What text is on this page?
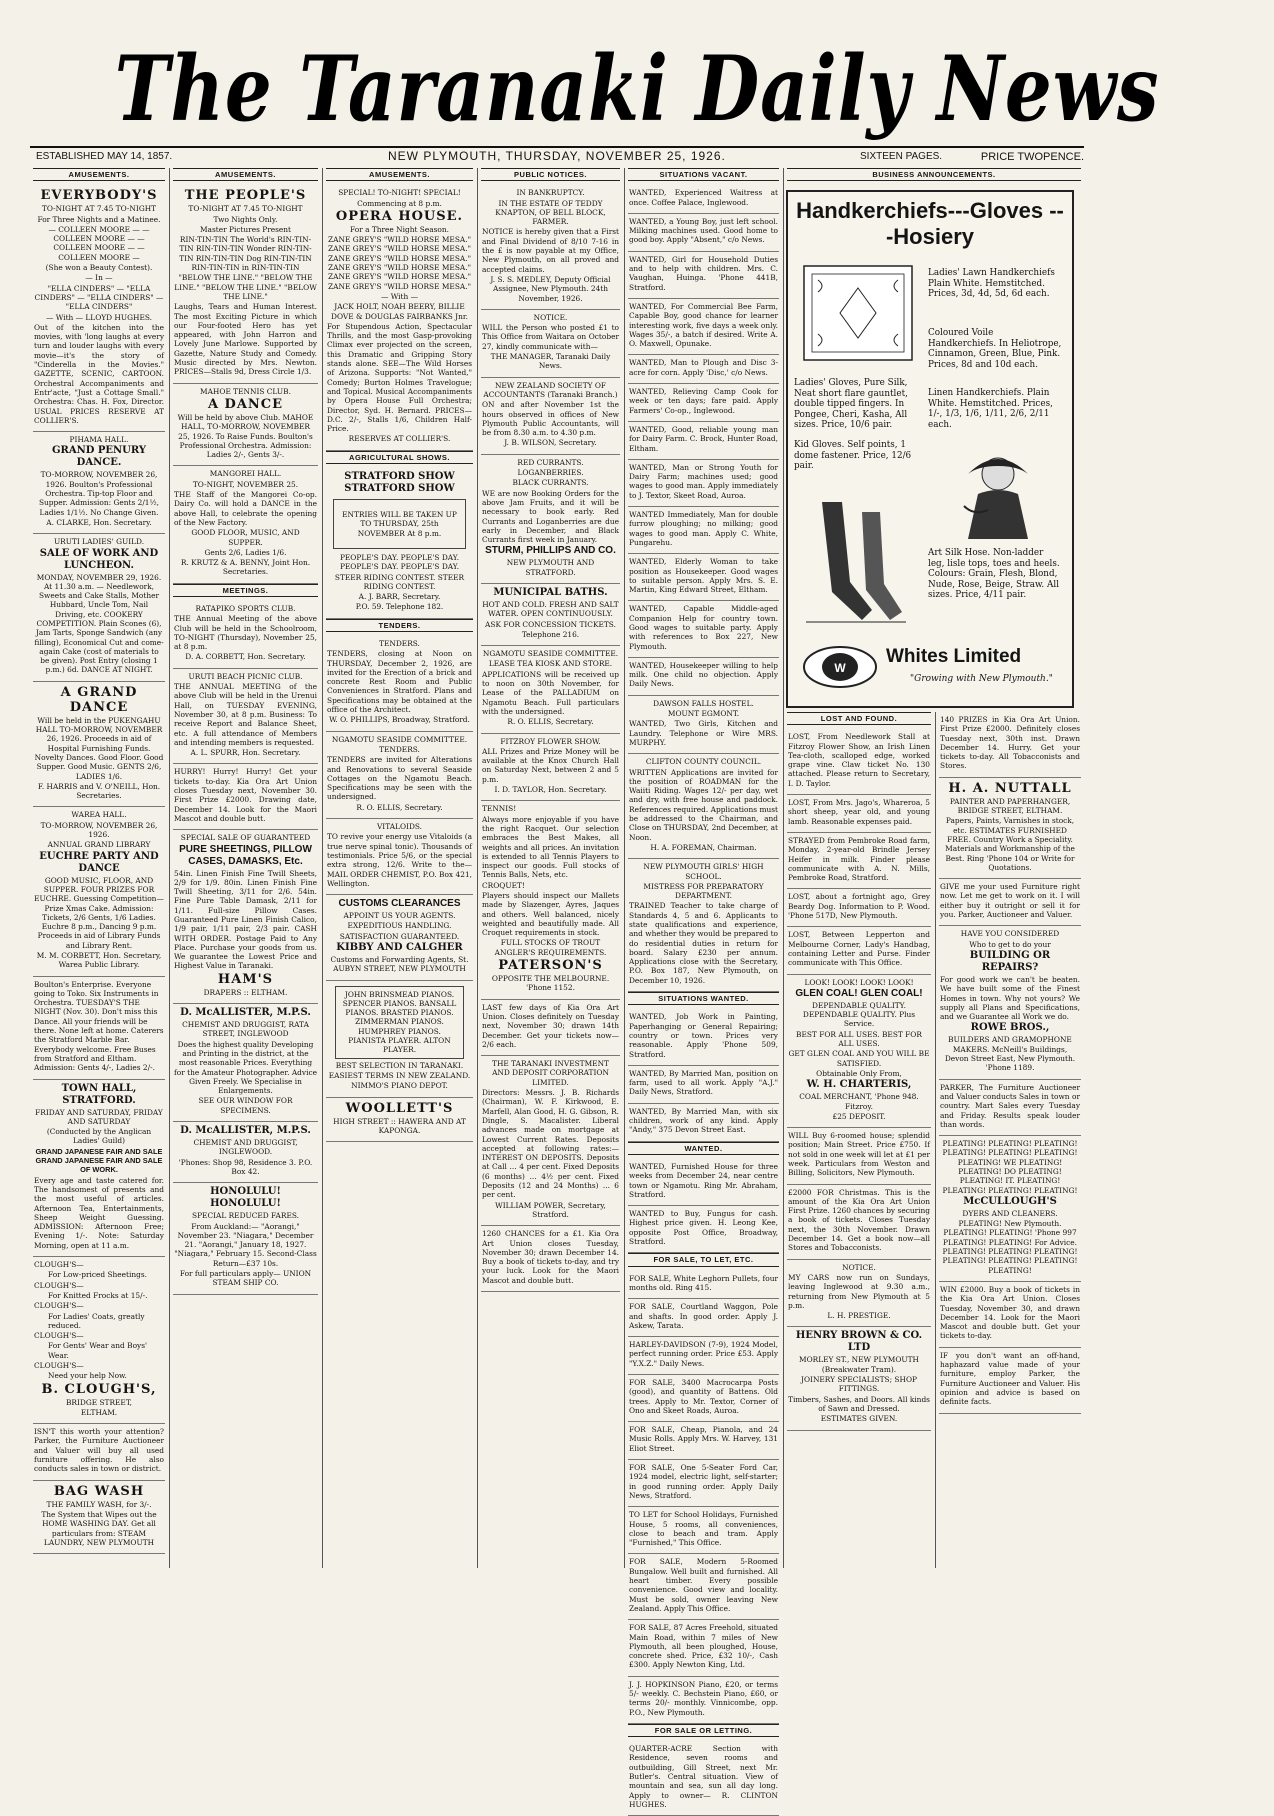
The Taranaki Daily News
ESTABLISHED MAY 14, 1857.	NEW PLYMOUTH, THURSDAY, NOVEMBER 25, 1926.	SIXTEEN PAGES.	PRICE TWOPENCE.
AMUSEMENTS.

EVERYBODY'S

TO-NIGHT AT 7.45 TO-NIGHT

For Three Nights and a Matinee.

— COLLEEN MOORE — — COLLEEN MOORE — — COLLEEN MOORE — — COLLEEN MOORE —

(She won a Beauty Contest).

— In —

"ELLA CINDERS" — "ELLA CINDERS" — "ELLA CINDERS" — "ELLA CINDERS"

— With — LLOYD HUGHES.

Out of the kitchen into the movies, with 'long laughs at every turn and louder laughs with every movie—it's the story of "Cinderella in the Movies." GAZETTE, SCENIC, CARTOON. Orchestral Accompaniments and Entr'acte, "Just a Cottage Small." Orchestra: Chas. H. Fox, Director. USUAL PRICES RESERVE AT COLLIER'S.

PIHAMA HALL.

GRAND PENURY DANCE.

TO-MORROW, NOVEMBER 26, 1926. Boulton's Professional Orchestra. Tip-top Floor and Supper. Admission: Gents 2/1½, Ladies 1/1½. No Change Given.

A. CLARKE, Hon. Secretary.

URUTI LADIES' GUILD.

SALE OF WORK AND LUNCHEON.

MONDAY, NOVEMBER 29, 1926. At 11.30 a.m. — Needlework, Sweets and Cake Stalls, Mother Hubbard, Uncle Tom, Nail Driving, etc. COOKERY COMPETITION. Plain Scones (6), Jam Tarts, Sponge Sandwich (any filling), Economical Cut and come-again Cake (cost of materials to be given). Post Entry (closing 1 p.m.) 6d. DANCE AT NIGHT.

A GRAND DANCE

Will be held in the PUKENGAHU HALL TO-MORROW, NOVEMBER 26, 1926. Proceeds in aid of Hospital Furnishing Funds. Novelty Dances. Good Floor. Good Supper. Good Music. GENTS 2/6, LADIES 1/6.

F. HARRIS and V. O'NEILL, Hon. Secretaries.

WAREA HALL.

TO-MORROW, NOVEMBER 26, 1926.

ANNUAL GRAND LIBRARY

EUCHRE PARTY AND DANCE

GOOD MUSIC, FLOOR, AND SUPPER. FOUR PRIZES FOR EUCHRE. Guessing Competition—Prize Xmas Cake. Admission: Tickets, 2/6 Gents, 1/6 Ladies. Euchre 8 p.m., Dancing 9 p.m. Proceeds in aid of Library Funds and Library Rent.

M. M. CORBETT, Hon. Secretary, Warea Public Library.

Boulton's Enterprise. Everyone going to Toko. Six Instruments in Orchestra. TUESDAY'S THE NIGHT (Nov. 30). Don't miss this Dance. All your friends will be there. None left at home. Caterers the Stratford Marble Bar. Everybody welcome. Free Buses from Stratford and Eltham. Admission: Gents 4/-, Ladies 2/-.

TOWN HALL, STRATFORD.

FRIDAY AND SATURDAY, FRIDAY AND SATURDAY

(Conducted by the Anglican Ladies' Guild)

GRAND JAPANESE FAIR AND SALE GRAND JAPANESE FAIR AND SALE OF WORK.

Every age and taste catered for. The handsomest of presents and the most useful of articles. Afternoon Tea, Entertainments, Sheep Weight Guessing. ADMISSION: Afternoon Free; Evening 1/-. Note: Saturday Morning, open at 11 a.m.

CLOUGH'S—

For Low-priced Sheetings.

CLOUGH'S—

For Knitted Frocks at 15/-.

CLOUGH'S—

For Ladies' Coats, greatly reduced.

CLOUGH'S—

For Gents' Wear and Boys' Wear.

CLOUGH'S—

Need your help Now.

B. CLOUGH'S,

BRIDGE STREET,

ELTHAM.

ISN'T this worth your attention? Parker, the Furniture Auctioneer and Valuer will buy all used furniture offering. He also conducts sales in town or district.

BAG WASH

THE FAMILY WASH, for 3/-.

The System that Wipes out the HOME WASHING DAY. Get all particulars from: STEAM LAUNDRY, NEW PLYMOUTH

AMUSEMENTS.

THE PEOPLE'S

TO-NIGHT AT 7.45 TO-NIGHT

Two Nights Only.

Master Pictures Present

RIN-TIN-TIN The World's RIN-TIN-TIN RIN-TIN-TIN Wonder RIN-TIN-TIN RIN-TIN-TIN Dog RIN-TIN-TIN RIN-TIN-TIN in RIN-TIN-TIN

"BELOW THE LINE." "BELOW THE LINE." "BELOW THE LINE." "BELOW THE LINE."

Laughs, Tears and Human Interest. The most Exciting Picture in which our Four-footed Hero has yet appeared, with John Harron and Lovely June Marlowe. Supported by Gazette, Nature Study and Comedy. Music directed by Mrs. Newton. PRICES—Stalls 9d, Dress Circle 1/3.

MAHOE TENNIS CLUB.

A DANCE

Will be held by above Club. MAHOE HALL, TO-MORROW, NOVEMBER 25, 1926. To Raise Funds. Boulton's Professional Orchestra. Admission: Ladies 2/-, Gents 3/-.

MANGOREI HALL.

TO-NIGHT, NOVEMBER 25.

THE Staff of the Mangorei Co-op. Dairy Co. will hold a DANCE in the above Hall, to celebrate the opening of the New Factory.

GOOD FLOOR, MUSIC, AND SUPPER.

Gents 2/6, Ladies 1/6.

R. KRUTZ & A. BENNY, Joint Hon. Secretaries.

MEETINGS.

RATAPIKO SPORTS CLUB.

THE Annual Meeting of the above Club will be held in the Schoolroom, TO-NIGHT (Thursday), November 25, at 8 p.m.

D. A. CORBETT, Hon. Secretary.

URUTI BEACH PICNIC CLUB.

THE ANNUAL MEETING of the above Club will be held in the Urenui Hall, on TUESDAY EVENING, November 30, at 8 p.m. Business: To receive Report and Balance Sheet, etc. A full attendance of Members and intending members is requested.

A. L. SPURR, Hon. Secretary.

HURRY! Hurry! Hurry! Get your tickets to-day. Kia Ora Art Union closes Tuesday next, November 30. First Prize £2000. Drawing date, December 14. Look for the Maori Mascot and double butt.

SPECIAL SALE OF GUARANTEED

PURE SHEETINGS, PILLOW CASES, DAMASKS, Etc.

54in. Linen Finish Fine Twill Sheets, 2/9 for 1/9. 80in. Linen Finish Fine Twill Sheeting, 3/11 for 2/6. 54in. Fine Pure Table Damask, 2/11 for 1/11. Full-size Pillow Cases. Guaranteed Pure Linen Finish Calico, 1/9 pair, 1/11 pair, 2/3 pair. CASH WITH ORDER. Postage Paid to Any Place. Purchase your goods from us. We guarantee the Lowest Price and Highest Value in Taranaki.

HAM'S

DRAPERS :: ELTHAM.

D. McALLISTER, M.P.S.

CHEMIST AND DRUGGIST, RATA STREET, INGLEWOOD

Does the highest quality Developing and Printing in the district, at the most reasonable Prices. Everything for the Amateur Photographer. Advice Given Freely. We Specialise in Enlargements.

SEE OUR WINDOW FOR SPECIMENS.

D. McALLISTER, M.P.S.

CHEMIST AND DRUGGIST, INGLEWOOD.

'Phones: Shop 98, Residence 3. P.O. Box 42.

HONOLULU! HONOLULU!

SPECIAL REDUCED FARES.

From Auckland:— "Aorangi," November 23. "Niagara," December 21. "Aorangi," January 18, 1927. "Niagara," February 15. Second-Class Return—£37 10s.

For full particulars apply— UNION STEAM SHIP CO.

AMUSEMENTS.

SPECIAL! TO-NIGHT! SPECIAL!

Commencing at 8 p.m.

OPERA HOUSE.

For a Three Night Season.

ZANE GREY'S "WILD HORSE MESA." ZANE GREY'S "WILD HORSE MESA." ZANE GREY'S "WILD HORSE MESA." ZANE GREY'S "WILD HORSE MESA." ZANE GREY'S "WILD HORSE MESA." ZANE GREY'S "WILD HORSE MESA."

— With —

JACK HOLT, NOAH BEERY, BILLIE DOVE & DOUGLAS FAIRBANKS Jnr.

For Stupendous Action, Spectacular Thrills, and the most Gasp-provoking Climax ever projected on the screen, this Dramatic and Gripping Story stands alone. SEE—The Wild Horses of Arizona. Supports: "Not Wanted," Comedy; Burton Holmes Travelogue; and Topical. Musical Accompaniments by Opera House Full Orchestra; Director, Syd. H. Bernard. PRICES—D.C. 2/-, Stalls 1/6, Children Half-Price.

RESERVES AT COLLIER'S.

AGRICULTURAL SHOWS.

STRATFORD SHOW STRATFORD SHOW

ENTRIES WILL BE TAKEN UP TO THURSDAY, 25th NOVEMBER At 8 p.m.

PEOPLE'S DAY. PEOPLE'S DAY. PEOPLE'S DAY. PEOPLE'S DAY.

STEER RIDING CONTEST. STEER RIDING CONTEST.

A. J. BARR, Secretary.

P.O. 59. Telephone 182.

TENDERS.

TENDERS.

TENDERS, closing at Noon on THURSDAY, December 2, 1926, are invited for the Erection of a brick and concrete Rest Room and Public Conveniences in Stratford. Plans and Specifications may be obtained at the office of the Architect.

W. O. PHILLIPS, Broadway, Stratford.

NGAMOTU SEASIDE COMMITTEE.

TENDERS.

TENDERS are invited for Alterations and Renovations to several Seaside Cottages on the Ngamotu Beach. Specifications may be seen with the undersigned.

R. O. ELLIS, Secretary.

VITALOIDS.

TO revive your energy use Vitaloids (a true nerve spinal tonic). Thousands of testimonials. Price 5/6, or the special extra strong, 12/6. Write to the— MAIL ORDER CHEMIST, P.O. Box 421, Wellington.

CUSTOMS CLEARANCES

APPOINT US YOUR AGENTS.

EXPEDITIOUS HANDLING.

SATISFACTION GUARANTEED.

KIBBY AND CALGHER

Customs and Forwarding Agents, St. AUBYN STREET, NEW PLYMOUTH

JOHN BRINSMEAD PIANOS. SPENCER PIANOS. BANSALL PIANOS. BRASTED PIANOS. ZIMMERMAN PIANOS. HUMPHREY PIANOS. PIANISTA PLAYER. ALTON PLAYER.

BEST SELECTION IN TARANAKI.

EASIEST TERMS IN NEW ZEALAND.

NIMMO'S PIANO DEPOT.

WOOLLETT'S

HIGH STREET :: HAWERA AND AT KAPONGA.

PUBLIC NOTICES.

IN BANKRUPTCY.

IN THE ESTATE OF TEDDY KNAPTON, OF BELL BLOCK, FARMER.

NOTICE is hereby given that a First and Final Dividend of 8/10 7-16 in the £ is now payable at my Office, New Plymouth, on all proved and accepted claims.

J. S. S. MEDLEY, Deputy Official Assignee, New Plymouth. 24th November, 1926.

NOTICE.

WILL the Person who posted £1 to This Office from Waitara on October 27, kindly communicate with—

THE MANAGER, Taranaki Daily News.

NEW ZEALAND SOCIETY OF ACCOUNTANTS (Taranaki Branch.)

ON and after November 1st the hours observed in offices of New Plymouth Public Accountants, will be from 8.30 a.m. to 4.30 p.m.

J. B. WILSON, Secretary.

RED CURRANTS.

LOGANBERRIES.

BLACK CURRANTS.

WE are now Booking Orders for the above Jam Fruits, and it will be necessary to book early. Red Currants and Loganberries are due early in December, and Black Currants first week in January.

STURM, PHILLIPS AND CO.

NEW PLYMOUTH AND STRATFORD.

MUNICIPAL BATHS.

HOT AND COLD. FRESH AND SALT WATER. OPEN CONTINUOUSLY.

ASK FOR CONCESSION TICKETS.

Telephone 216.

NGAMOTU SEASIDE COMMITTEE.

LEASE TEA KIOSK AND STORE.

APPLICATIONS will be received up to noon on 30th November, for Lease of the PALLADIUM on Ngamotu Beach. Full particulars with the undersigned.

R. O. ELLIS, Secretary.

FITZROY FLOWER SHOW.

ALL Prizes and Prize Money will be available at the Knox Church Hall on Saturday Next, between 2 and 5 p.m.

I. D. TAYLOR, Hon. Secretary.

TENNIS!

Always more enjoyable if you have the right Racquet. Our selection embraces the Best Makes, all weights and all prices. An invitation is extended to all Tennis Players to inspect our goods. Full stocks of Tennis Balls, Nets, etc.

CROQUET!

Players should inspect our Mallets made by Slazenger, Ayres, Jaques and others. Well balanced, nicely weighted and beautifully made. All Croquet requirements in stock.

FULL STOCKS OF TROUT ANGLER'S REQUIREMENTS.

PATERSON'S

OPPOSITE THE MELBOURNE. 'Phone 1152.

LAST few days of Kia Ora Art Union. Closes definitely on Tuesday next, November 30; drawn 14th December. Get your tickets now—2/6 each.

THE TARANAKI INVESTMENT AND DEPOSIT CORPORATION LIMITED.

Directors: Messrs. J. B. Richards (Chairman), W. F. Kirkwood, E. Marfell, Alan Good, H. G. Gibson, R. Dingle, S. Macalister. Liberal advances made on mortgage at Lowest Current Rates. Deposits accepted at following rates:— INTEREST ON DEPOSITS. Deposits at Call ... 4 per cent. Fixed Deposits (6 months) ... 4½ per cent. Fixed Deposits (12 and 24 Months) ... 6 per cent.

WILLIAM POWER, Secretary, Stratford.

1260 CHANCES for a £1. Kia Ora Art Union closes Tuesday, November 30; drawn December 14. Buy a book of tickets to-day, and try your luck. Look for the Maori Mascot and double butt.

SITUATIONS VACANT.

WANTED, Experienced Waitress at once. Coffee Palace, Inglewood.

WANTED, a Young Boy, just left school. Milking machines used. Good home to good boy. Apply "Absent," c/o News.

WANTED, Girl for Household Duties and to help with children. Mrs. C. Vaughan, Huinga. 'Phone 441B, Stratford.

WANTED, For Commercial Bee Farm, Capable Boy, good chance for learner interesting work, five days a week only. Wages 35/-, a batch if desired. Write A. O. Maxwell, Opunake.

WANTED, Man to Plough and Disc 3-acre for corn. Apply 'Disc,' c/o News.

WANTED, Relieving Camp Cook for week or ten days; fare paid. Apply Farmers' Co-op., Inglewood.

WANTED, Good, reliable young man for Dairy Farm. C. Brock, Hunter Road, Eltham.

WANTED, Man or Strong Youth for Dairy Farm; machines used; good wages to good man. Apply immediately to J. Textor, Skeet Road, Auroa.

WANTED Immediately, Man for double furrow ploughing; no milking; good wages to good man. Apply C. White, Pungarehu.

WANTED, Elderly Woman to take position as Housekeeper. Good wages to suitable person. Apply Mrs. S. E. Martin, King Edward Street, Eltham.

WANTED, Capable Middle-aged Companion Help for country town. Good wages to suitable party. Apply with references to Box 227, New Plymouth.

WANTED, Housekeeper willing to help milk. One child no objection. Apply Daily News.

DAWSON FALLS HOSTEL.

MOUNT EGMONT.

WANTED, Two Girls, Kitchen and Laundry. Telephone or Wire MRS. MURPHY.

CLIFTON COUNTY COUNCIL.

WRITTEN Applications are invited for the position of ROADMAN for the Waiiti Riding. Wages 12/- per day, wet and dry, with free house and paddock. References required. Applications must be addressed to the Chairman, and Close on THURSDAY, 2nd December, at Noon.

H. A. FOREMAN, Chairman.

NEW PLYMOUTH GIRLS' HIGH SCHOOL.

MISTRESS FOR PREPARATORY DEPARTMENT.

TRAINED Teacher to take charge of Standards 4, 5 and 6. Applicants to state qualifications and experience, and whether they would be prepared to do residential duties in return for board. Salary £230 per annum. Applications close with the Secretary, P.O. Box 187, New Plymouth, on December 10, 1926.

SITUATIONS WANTED.

WANTED, Job Work in Painting, Paperhanging or General Repairing; country or town. Prices very reasonable. Apply 'Phone 509, Stratford.

WANTED, By Married Man, position on farm, used to all work. Apply "A.J." Daily News, Stratford.

WANTED, By Married Man, with six children, work of any kind. Apply "Andy," 375 Devon Street East.

WANTED.

WANTED, Furnished House for three weeks from December 24, near centre town or Ngamotu. Ring Mr. Abraham, Stratford.

WANTED to Buy, Fungus for cash. Highest price given. H. Leong Kee, opposite Post Office, Broadway, Stratford.

FOR SALE, TO LET, ETC.

FOR SALE, White Leghorn Pullets, four months old. Ring 415.

FOR SALE, Courtland Waggon, Pole and shafts. In good order. Apply J. Askew, Tarata.

HARLEY-DAVIDSON (7-9), 1924 Model, perfect running order. Price £53. Apply "Y.X.Z." Daily News.

FOR SALE, 3400 Macrocarpa Posts (good), and quantity of Battens. Old trees. Apply to Mr. Textor, Corner of Ono and Skeet Roads, Auroa.

FOR SALE, Cheap, Pianola, and 24 Music Rolls. Apply Mrs. W. Harvey, 131 Eliot Street.

FOR SALE, One 5-Seater Ford Car, 1924 model, electric light, self-starter; in good running order. Apply Daily News, Stratford.

TO LET for School Holidays, Furnished House, 5 rooms, all conveniences, close to beach and tram. Apply "Furnished," This Office.

FOR SALE, Modern 5-Roomed Bungalow. Well built and furnished. All heart timber. Every possible convenience. Good view and locality. Must be sold, owner leaving New Zealand. Apply This Office.

FOR SALE, 87 Acres Freehold, situated Main Road, within 7 miles of New Plymouth, all been ploughed, House, concrete shed. Price, £32 10/-, Cash £300. Apply Newton King, Ltd.

J. J. HOPKINSON Piano, £20, or terms 5/- weekly. C. Bechstein Piano, £60, or terms 20/- monthly. Vinnicombe, opp. P.O., New Plymouth.

FOR SALE OR LETTING.

QUARTER-ACRE Section with Residence, seven rooms and outbuilding, Gill Street, next Mr. Butler's. Central situation. View of mountain and sea, sun all day long. Apply to owner— R. CLINTON HUGHES.

BUSINESS ANNOUNCEMENTS.
Handkerchiefs---Gloves ---Hosiery
Ladies' Lawn Handkerchiefs Plain White. Hemstitched. Prices, 3d, 4d, 5d, 6d each.
Coloured Voile Handkerchiefs. In Heliotrope, Cinnamon, Green, Blue, Pink. Prices, 8d and 10d each.
Linen Handkerchiefs. Plain White. Hemstitched. Prices, 1/-, 1/3, 1/6, 1/11, 2/6, 2/11 each.
Ladies' Gloves, Pure Silk, Neat short flare gauntlet, double tipped fingers. In Pongee, Cheri, Kasha, All sizes. Price, 10/6 pair.
Kid Gloves. Self points, 1 dome fastener. Price, 12/6 pair.
Art Silk Hose. Non-ladder leg, lisle tops, toes and heels. Colours: Grain, Flesh, Blond, Nude, Rose, Beige, Straw. All sizes. Price, 4/11 pair.
W
Whites Limited
"Growing with New Plymouth."
LOST AND FOUND.

LOST, From Needlework Stall at Fitzroy Flower Show, an Irish Linen Tea-cloth, scalloped edge, worked grape vine. Claw ticket No. 130 attached. Please return to Secretary, I. D. Taylor.

LOST, From Mrs. Jago's, Whareroa, 5 short sheep, year old, and young lamb. Reasonable expenses paid.

STRAYED from Pembroke Road farm, Monday, 2-year-old Brindle Jersey Heifer in milk. Finder please communicate with A. N. Mills, Pembroke Road, Stratford.

LOST, about a fortnight ago, Grey Beardy Dog. Information to P. Wood. 'Phone 517D, New Plymouth.

LOST, Between Lepperton and Melbourne Corner, Lady's Handbag, containing Letter and Purse. Finder communicate with This Office.

LOOK! LOOK! LOOK! LOOK!

GLEN COAL! GLEN COAL!

DEPENDABLE QUALITY. DEPENDABLE QUALITY. Plus Service.

BEST FOR ALL USES. BEST FOR ALL USES.

GET GLEN COAL AND YOU WILL BE SATISFIED.

Obtainable Only From,

W. H. CHARTERIS,

COAL MERCHANT, 'Phone 948. Fitzroy.

£25 DEPOSIT.

WILL Buy 6-roomed house; splendid position; Main Street. Price £750. If not sold in one week will let at £1 per week. Particulars from Weston and Billing, Solicitors, New Plymouth.

£2000 FOR Christmas. This is the amount of the Kia Ora Art Union First Prize. 1260 chances by securing a book of tickets. Closes Tuesday next, the 30th November. Drawn December 14. Get a book now—all Stores and Tobacconists.

NOTICE.

MY CARS now run on Sundays, leaving Inglewood at 9.30 a.m., returning from New Plymouth at 5 p.m.

L. H. PRESTIGE.

HENRY BROWN & CO. LTD

MORLEY ST., NEW PLYMOUTH (Breakwater Tram).

JOINERY SPECIALISTS; SHOP FITTINGS.

Timbers, Sashes, and Doors. All kinds of Sawn and Dressed.

ESTIMATES GIVEN.

140 PRIZES in Kia Ora Art Union. First Prize £2000. Definitely closes Tuesday next, 30th inst. Drawn December 14. Hurry. Get your tickets to-day. All Tobacconists and Stores.

H. A. NUTTALL

PAINTER AND PAPERHANGER, BRIDGE STREET, ELTHAM.

Papers, Paints, Varnishes in stock, etc. ESTIMATES FURNISHED FREE. Country Work a Speciality. Materials and Workmanship of the Best. Ring 'Phone 104 or Write for Quotations.

GIVE me your used Furniture right now. Let me get to work on it. I will either buy it outright or sell it for you. Parker, Auctioneer and Valuer.

HAVE YOU CONSIDERED

Who to get to do your

BUILDING OR REPAIRS?

For good work we can't be beaten. We have built some of the Finest Homes in town. Why not yours? We supply all Plans and Specifications, and we Guarantee all Work we do.

ROWE BROS.,

BUILDERS AND GRAMOPHONE MAKERS. McNeill's Buildings, Devon Street East, New Plymouth. 'Phone 1189.

PARKER, The Furniture Auctioneer and Valuer conducts Sales in town or country. Mart Sales every Tuesday and Friday. Results speak louder than words.

PLEATING! PLEATING! PLEATING! PLEATING! PLEATING! PLEATING! PLEATING! WE PLEATING! PLEATING! DO PLEATING! PLEATING! IT. PLEATING! PLEATING! PLEATING! PLEATING!

McCULLOUGH'S

DYERS AND CLEANERS.

PLEATING! New Plymouth. PLEATING! PLEATING! 'Phone 997 PLEATING! PLEATING! For Advice. PLEATING! PLEATING! PLEATING! PLEATING! PLEATING! PLEATING! PLEATING!

WIN £2000. Buy a book of tickets in the Kia Ora Art Union. Closes Tuesday, November 30, and drawn December 14. Look for the Maori Mascot and double butt. Get your tickets to-day.

IF you don't want an off-hand, haphazard value made of your furniture, employ Parker, the Furniture Auctioneer and Valuer. His opinion and advice is based on definite facts.
